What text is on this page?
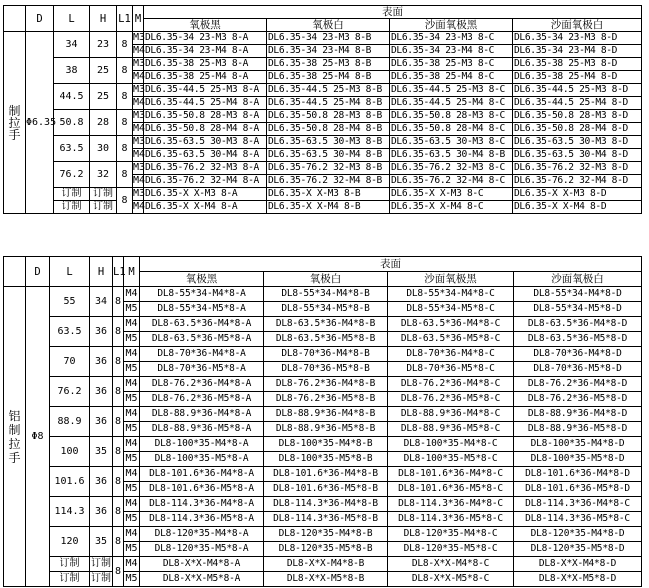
	D	L	H	L1	M	表面			
						氧极黑	氧极白	沙面氧极黑	沙面氧极白
制拉手	Φ6.35	34	23	8	M3	DL6.35-34 23-M3 8-A	DL6.35-34 23-M3 8-B	DL6.35-34 23-M3 8-C	DL6.35-34 23-M3 8-D
					M4	DL6.35-34 23-M4 8-A	DL6.35-34 23-M4 8-B	DL6.35-34 23-M4 8-C	DL6.35-34 23-M4 8-D
		38	25	8	M3	DL6.35-38 25-M3 8-A	DL6.35-38 25-M3 8-B	DL6.35-38 25-M3 8-C	DL6.35-38 25-M3 8-D
					M4	DL6.35-38 25-M4 8-A	DL6.35-38 25-M4 8-B	DL6.35-38 25-M4 8-C	DL6.35-38 25-M4 8-D
		44.5	25	8	M3	DL6.35-44.5 25-M3 8-A	DL6.35-44.5 25-M3 8-B	DL6.35-44.5 25-M3 8-C	DL6.35-44.5 25-M3 8-D
					M4	DL6.35-44.5 25-M4 8-A	DL6.35-44.5 25-M4 8-B	DL6.35-44.5 25-M4 8-C	DL6.35-44.5 25-M4 8-D
		50.8	28	8	M3	DL6.35-50.8 28-M3 8-A	DL6.35-50.8 28-M3 8-B	DL6.35-50.8 28-M3 8-C	DL6.35-50.8 28-M3 8-D
					M4	DL6.35-50.8 28-M4 8-A	DL6.35-50.8 28-M4 8-B	DL6.35-50.8 28-M4 8-C	DL6.35-50.8 28-M4 8-D
		63.5	30	8	M3	DL6.35-63.5 30-M3 8-A	DL6.35-63.5 30-M3 8-B	DL6.35-63.5 30-M3 8-C	DL6.35-63.5 30-M3 8-D
					M4	DL6.35-63.5 30-M4 8-A	DL6.35-63.5 30-M4 8-B	DL6.35-63.5 30-M4 8-B	DL6.35-63.5 30-M4 8-D
		76.2	32	8	M3	DL6.35-76.2 32-M3 8-A	DL6.35-76.2 32-M3 8-B	DL6.35-76.2 32-M3 8-C	DL6.35-76.2 32-M3 8-D
					M4	DL6.35-76.2 32-M4 8-A	DL6.35-76.2 32-M4 8-B	DL6.35-76.2 32-M4 8-C	DL6.35-76.2 32-M4 8-D
		订制	订制	8	M3	DL6.35-X X-M3 8-A	DL6.35-X X-M3 8-B	DL6.35-X X-M3 8-C	DL6.35-X X-M3 8-D
		订制	订制		M4	DL6.35-X X-M4 8-A	DL6.35-X X-M4 8-B	DL6.35-X X-M4 8-C	DL6.35-X X-M4 8-D
	D	L	H	L1	M	表面			
						氧极黑	氧极白	沙面氧极黑	沙面氧极白
铝制拉手	Φ8	55	34	8	M4	DL8-55*34-M4*8-A	DL8-55*34-M4*8-B	DL8-55*34-M4*8-C	DL8-55*34-M4*8-D
					M5	DL8-55*34-M5*8-A	DL8-55*34-M5*8-B	DL8-55*34-M5*8-C	DL8-55*34-M5*8-D
		63.5	36	8	M4	DL8-63.5*36-M4*8-A	DL8-63.5*36-M4*8-B	DL8-63.5*36-M4*8-C	DL8-63.5*36-M4*8-D
					M5	DL8-63.5*36-M5*8-A	DL8-63.5*36-M5*8-B	DL8-63.5*36-M5*8-C	DL8-63.5*36-M5*8-D
		70	36	8	M4	DL8-70*36-M4*8-A	DL8-70*36-M4*8-B	DL8-70*36-M4*8-C	DL8-70*36-M4*8-D
					M5	DL8-70*36-M5*8-A	DL8-70*36-M5*8-B	DL8-70*36-M5*8-C	DL8-70*36-M5*8-D
		76.2	36	8	M4	DL8-76.2*36-M4*8-A	DL8-76.2*36-M4*8-B	DL8-76.2*36-M4*8-C	DL8-76.2*36-M4*8-D
					M5	DL8-76.2*36-M5*8-A	DL8-76.2*36-M5*8-B	DL8-76.2*36-M5*8-C	DL8-76.2*36-M5*8-D
		88.9	36	8	M4	DL8-88.9*36-M4*8-A	DL8-88.9*36-M4*8-B	DL8-88.9*36-M4*8-C	DL8-88.9*36-M4*8-D
					M5	DL8-88.9*36-M5*8-A	DL8-88.9*36-M5*8-B	DL8-88.9*36-M5*8-C	DL8-88.9*36-M5*8-D
		100	35	8	M4	DL8-100*35-M4*8-A	DL8-100*35-M4*8-B	DL8-100*35-M4*8-C	DL8-100*35-M4*8-D
					M5	DL8-100*35-M5*8-A	DL8-100*35-M5*8-B	DL8-100*35-M5*8-C	DL8-100*35-M5*8-D
		101.6	36	8	M4	DL8-101.6*36-M4*8-A	DL8-101.6*36-M4*8-B	DL8-101.6*36-M4*8-C	DL8-101.6*36-M4*8-D
					M5	DL8-101.6*36-M5*8-A	DL8-101.6*36-M5*8-B	DL8-101.6*36-M5*8-C	DL8-101.6*36-M5*8-D
		114.3	36	8	M4	DL8-114.3*36-M4*8-A	DL8-114.3*36-M4*8-B	DL8-114.3*36-M4*8-C	DL8-114.3*36-M4*8-C
					M5	DL8-114.3*36-M5*8-A	DL8-114.3*36-M5*8-B	DL8-114.3*36-M5*8-C	DL8-114.3*36-M5*8-C
		120	35	8	M4	DL8-120*35-M4*8-A	DL8-120*35-M4*8-B	DL8-120*35-M4*8-C	DL8-120*35-M4*8-D
					M5	DL8-120*35-M5*8-A	DL8-120*35-M5*8-B	DL8-120*35-M5*8-C	DL8-120*35-M5*8-D
		订制	订制	8	M4	DL8-X*X-M4*8-A	DL8-X*X-M4*8-B	DL8-X*X-M4*8-C	DL8-X*X-M4*8-D
		订制	订制		M5	DL8-X*X-M5*8-A	DL8-X*X-M5*8-B	DL8-X*X-M5*8-C	DL8-X*X-M5*8-D
